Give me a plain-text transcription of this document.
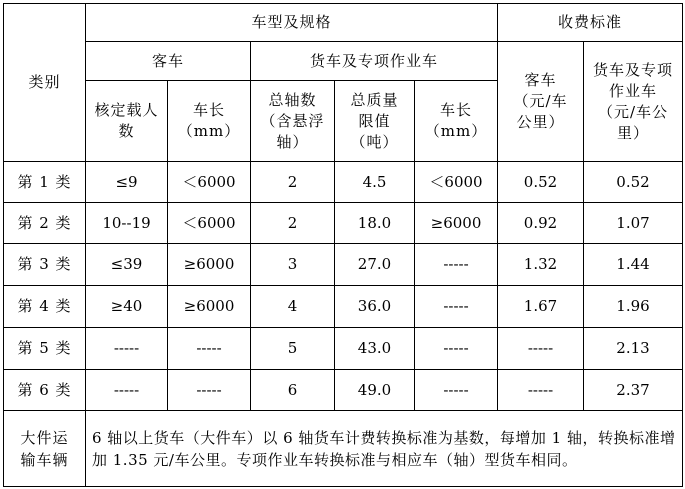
类别	车型及规格					收费标准	
	客车		货车及专项作业车			客车（元/车公里）	货车及专项作业车（元/车公里）
	核定载人数	车长（mm）	总轴数（含悬浮轴）	总质量限值（吨）	车长（mm）		
第 1 类	≤9	＜6000	2	4.5	＜6000	0.52	0.52
第 2 类	10--19	＜6000	2	18.0	≥6000	0.92	1.07
第 3 类	≤39	≥6000	3	27.0	-----	1.32	1.44
第 4 类	≥40	≥6000	4	36.0	-----	1.67	1.96
第 5 类	-----	-----	5	43.0	-----	-----	2.13
第 6 类	-----	-----	6	49.0	-----	-----	2.37
大件运输车辆	6 轴以上货车（大件车）以 6 轴货车计费转换标准为基数，每增加 1 轴，转换标准增加 1.35 元/车公里。专项作业车转换标准与相应车（轴）型货车相同。						
